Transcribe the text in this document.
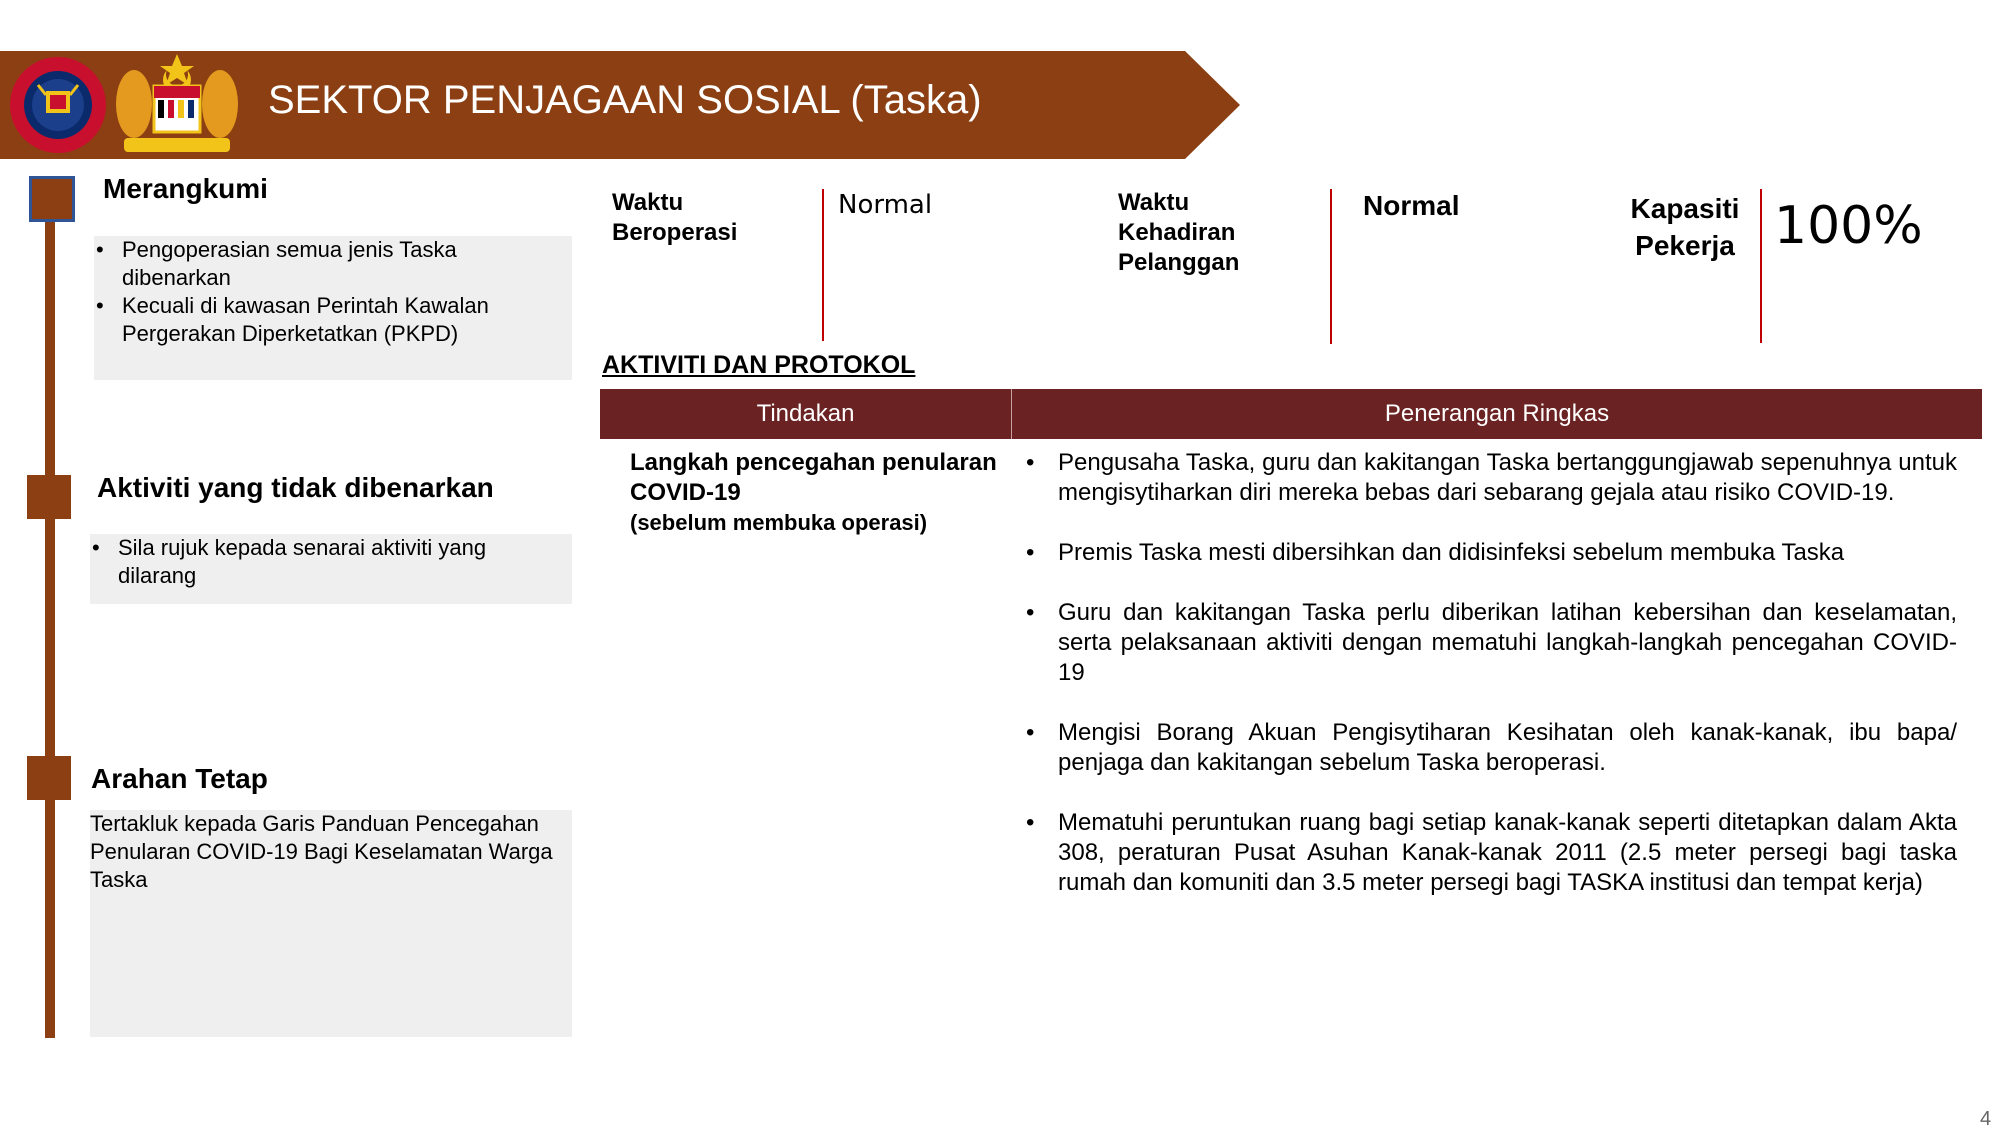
SEKTOR PENJAGAAN SOSIAL (Taska)
Merangkumi
• Pengoperasian semua jenis Taska dibenarkan
• Kecuali di kawasan Perintah Kawalan Pergerakan Diperketatkan (PKPD)
Aktiviti yang tidak dibenarkan
• Sila rujuk kepada senarai aktiviti yang dilarang
Arahan Tetap
Tertakluk kepada Garis Panduan Pencegahan Penularan COVID-19 Bagi Keselamatan Warga Taska
Waktu Beroperasi
Normal	Waktu Kehadiran Pelanggan
Normal	Kapasiti Pekerja 100%
AKTIVITI DAN PROTOKOL
Tindakan	Penerangan Ringkas
Langkah pencegahan penularan COVID-19
(sebelum membuka operasi)
• Pengusaha Taska, guru dan kakitangan Taska bertanggungjawab sepenuhnya untuk mengisytiharkan diri mereka bebas dari sebarang gejala atau risiko COVID-19.
• Premis Taska mesti dibersihkan dan didisinfeksi sebelum membuka Taska
• Guru dan kakitangan Taska perlu diberikan latihan kebersihan dan keselamatan, serta pelaksanaan aktiviti dengan mematuhi langkah-langkah pencegahan COVID-19
• Mengisi Borang Akuan Pengisytiharan Kesihatan oleh kanak-kanak, ibu bapa/ penjaga dan kakitangan sebelum Taska beroperasi.
• Mematuhi peruntukan ruang bagi setiap kanak-kanak seperti ditetapkan dalam Akta 308, peraturan Pusat Asuhan Kanak-kanak 2011 (2.5 meter persegi bagi taska rumah dan komuniti dan 3.5 meter persegi bagi TASKA institusi dan tempat kerja)
4
